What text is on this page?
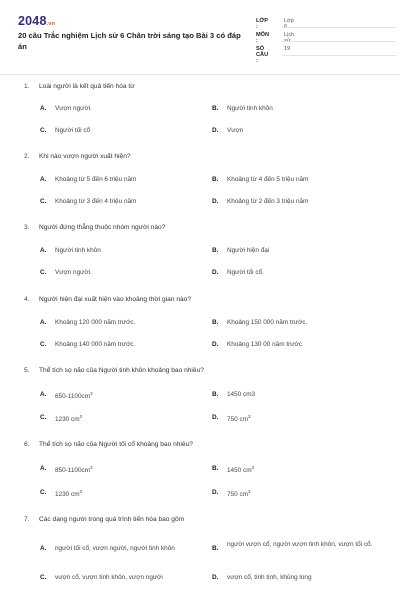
2048.vn
20 câu Trắc nghiệm Lịch sử 6 Chân trời sáng tạo Bài 3 có đáp án
LỚP :
Lớp 6
MÔN :
Lịch sử
SỐ CÂU :
19
1. Loài người là kết quả tiến hóa từ
A. Vượn người.	B. Người tinh khôn
C. Người tối cổ	D. Vượn
2. Khi nào vượn người xuất hiện?
A. Khoảng từ 5 đến 6 triệu năm	B. Khoảng từ 4 đến 5 triệu năm
C. Khoảng từ 3 đến 4 triệu năm	D. Khoảng từ 2 đến 3 triệu năm
3. Người đứng thẳng thuộc nhóm người nào?
A. Người tinh khôn	B. Người hiện đại
C. Vượn người.	D. Người tối cổ.
4. Người hiện đại xuất hiện vào khoảng thời gian nào?
A. Khoảng 120 000 năm trước.	B. Khoảng 150 000 năm trước.
C. Khoảng 140 000 năm trước.	D. Khoảng 130 00 năm trước
5. Thể tích sọ não của Người tinh khôn khoảng bao nhiêu?
A. $650-1100cm^3$	B. 1450 cm3
C. 1230 $cm^3$	D. 750 $cm^3$
6. Thể tích sọ não của Người tối cổ khoảng bao nhiêu?
A. $850-1100cm^3$	B. 1450 $cm^3$
C. 1230 $cm^3$	D. 750 $cm^3$
7. Các dạng người trong quá trình tiến hóa bao gồm
A. người tối cổ, vượn người, người tinh khôn	B.
người vượn cổ, người vượn tinh khôn, vượn tối cổ.
C. vượn cổ, vượn tinh khôn, vượn người	D. vượn cổ, tinh tinh, khủng long
